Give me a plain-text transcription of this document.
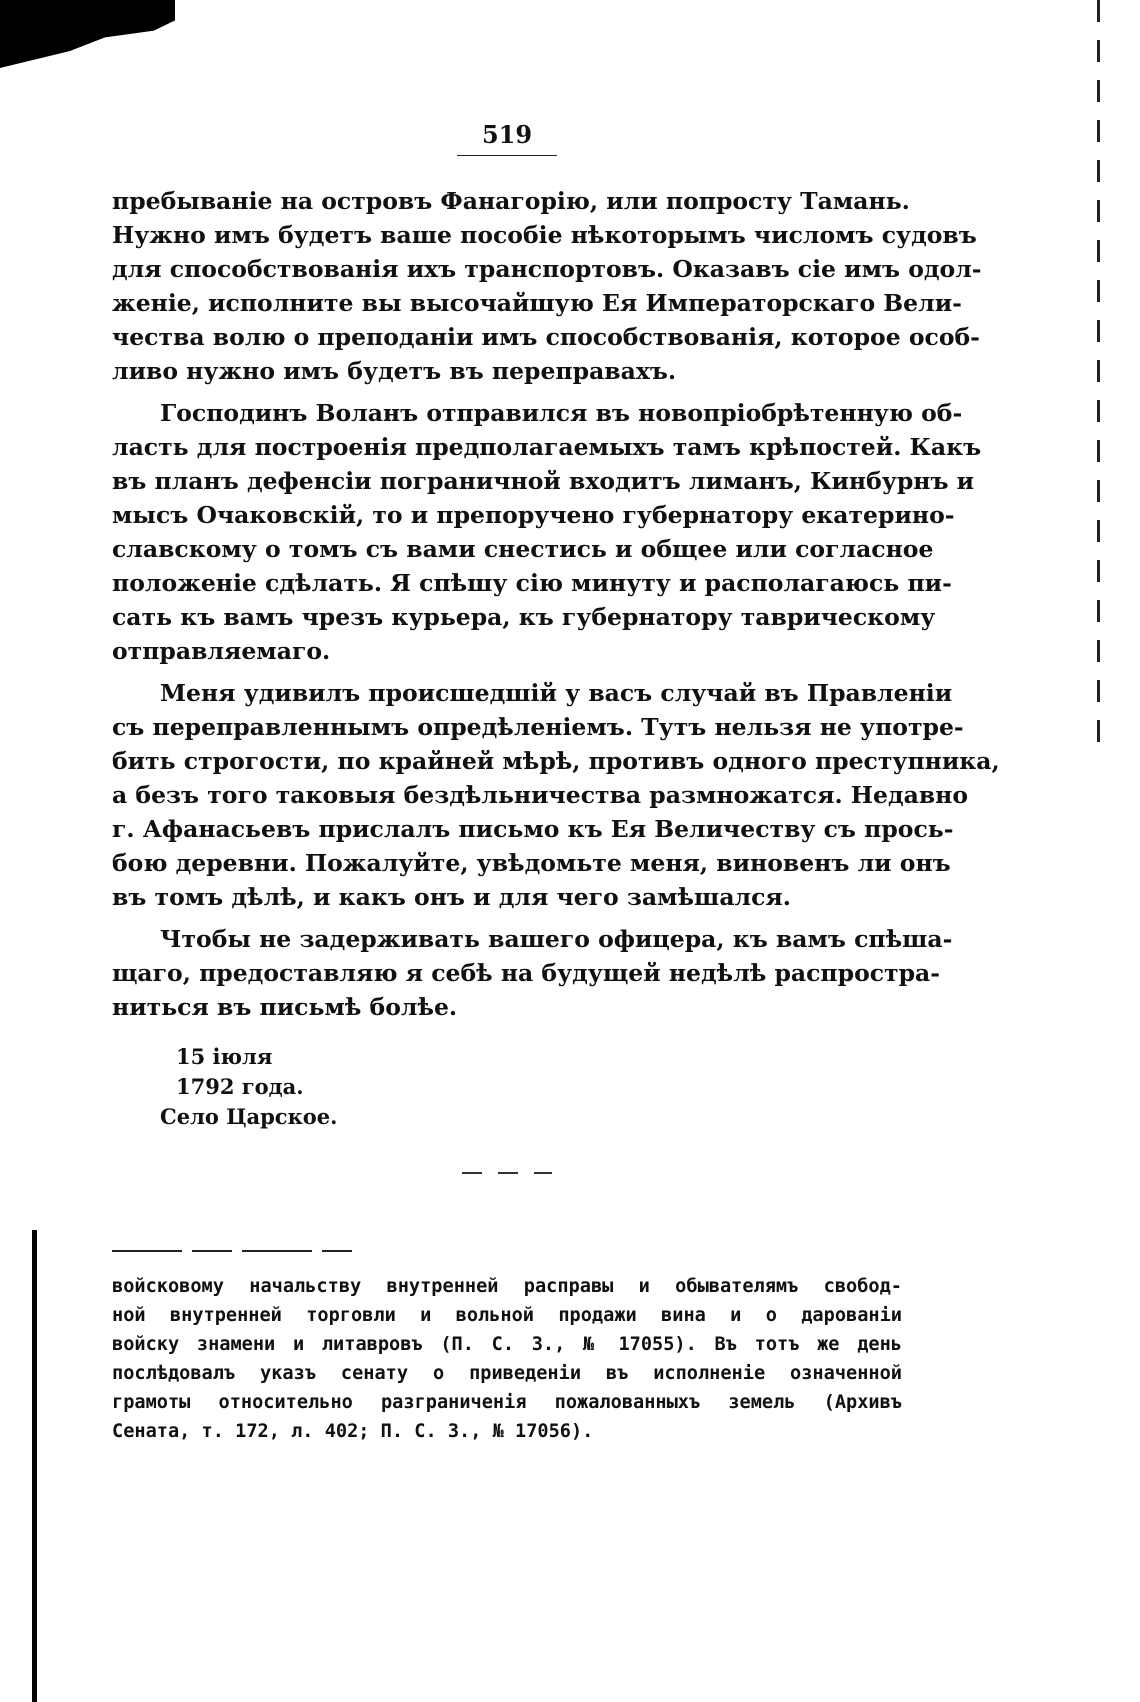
519

пребываніе на островъ Фанагорію, или попросту Тамань.
Нужно имъ будетъ ваше пособіе нѣкоторымъ числомъ судовъ
для способствованія ихъ транспортовъ. Оказавъ сіе имъ одол-
женіе, исполните вы высочайшую Ея Императорскаго Вели-
чества волю о преподаніи имъ способствованія, которое особ-
ливо нужно имъ будетъ въ переправахъ.

Господинъ Воланъ отправился въ новопріобрѣтенную об-
ласть для построенія предполагаемыхъ тамъ крѣпостей. Какъ
въ планъ дефенсіи пограничной входитъ лиманъ, Кинбурнъ и
мысъ Очаковскій, то и препоручено губернатору екатерино-
славскому о томъ съ вами снестись и общее или согласное
положеніе сдѣлать. Я спѣшу сію минуту и располагаюсь пи-
сать къ вамъ чрезъ курьера, къ губернатору таврическому
отправляемаго.

Меня удивилъ происшедшій у васъ случай въ Правленіи
съ переправленнымъ опредѣленіемъ. Тутъ нельзя не употре-
бить строгости, по крайней мѣрѣ, противъ одного преступника,
а безъ того таковыя бездѣльничества размножатся. Недавно
г. Афанасьевъ прислалъ письмо къ Ея Величеству съ прось-
бою деревни. Пожалуйте, увѣдомьте меня, виновенъ ли онъ
въ томъ дѣлѣ, и какъ онъ и для чего замѣшался.

Чтобы не задерживать вашего офицера, къ вамъ спѣша-
щаго, предоставляю я себѣ на будущей недѣлѣ распростра-
ниться въ письмѣ болѣе.

15 іюля
1792 года.
Село Царское.
войсковому начальству внутренней расправы и обывателямъ свобод-
ной внутренней торговли и вольной продажи вина и о дарованіи
войску знамени и литавровъ (П. С. З., № 17055). Въ тотъ же день
послѣдовалъ указъ сенату о приведеніи въ исполненіе означенной
грамоты относительно разграниченія пожалованныхъ земель (Архивъ
Сената, т. 172, л. 402; П. С. З., № 17056).
